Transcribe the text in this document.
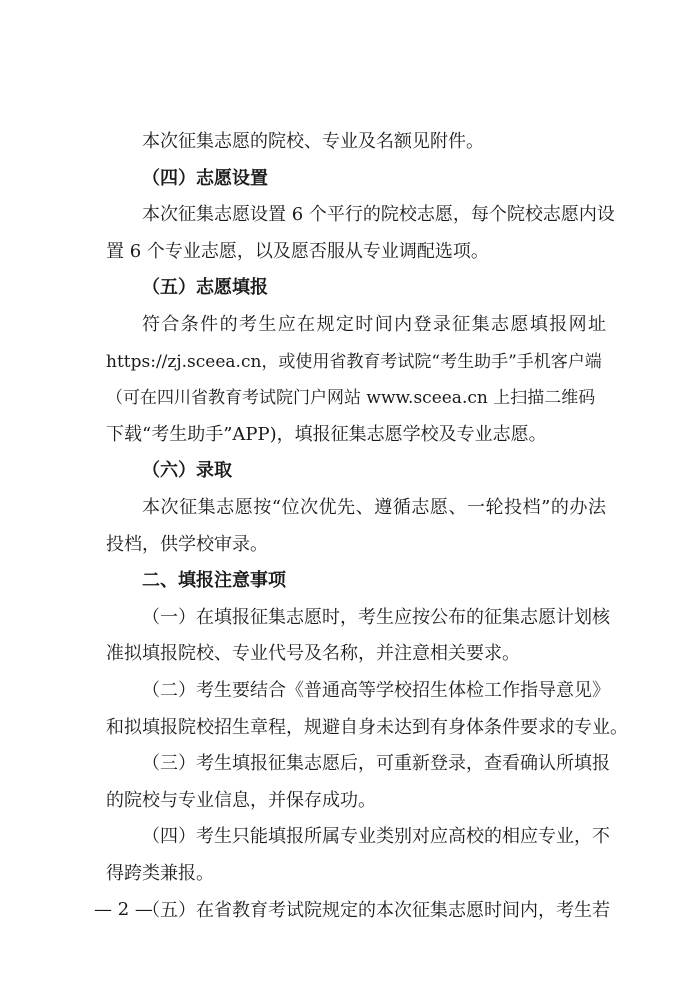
本次征集志愿的院校、专业及名额见附件。
（四）志愿设置
本次征集志愿设置 6 个平行的院校志愿，每个院校志愿内设
置 6 个专业志愿，以及愿否服从专业调配选项。
（五）志愿填报
符合条件的考生应在规定时间内登录征集志愿填报网址
https://zj.sceea.cn，或使用省教育考试院“考生助手”手机客户端
（可在四川省教育考试院门户网站 www.sceea.cn 上扫描二维码
下载“考生助手”APP)，填报征集志愿学校及专业志愿。
（六）录取
本次征集志愿按“位次优先、遵循志愿、一轮投档”的办法
投档，供学校审录。
二、填报注意事项
（一）在填报征集志愿时，考生应按公布的征集志愿计划核
准拟填报院校、专业代号及名称，并注意相关要求。
（二）考生要结合《普通高等学校招生体检工作指导意见》
和拟填报院校招生章程，规避自身未达到有身体条件要求的专业。
（三）考生填报征集志愿后，可重新登录，查看确认所填报
的院校与专业信息，并保存成功。
（四）考生只能填报所属专业类别对应高校的相应专业，不
得跨类兼报。
— 2 —
（五）在省教育考试院规定的本次征集志愿时间内，考生若
